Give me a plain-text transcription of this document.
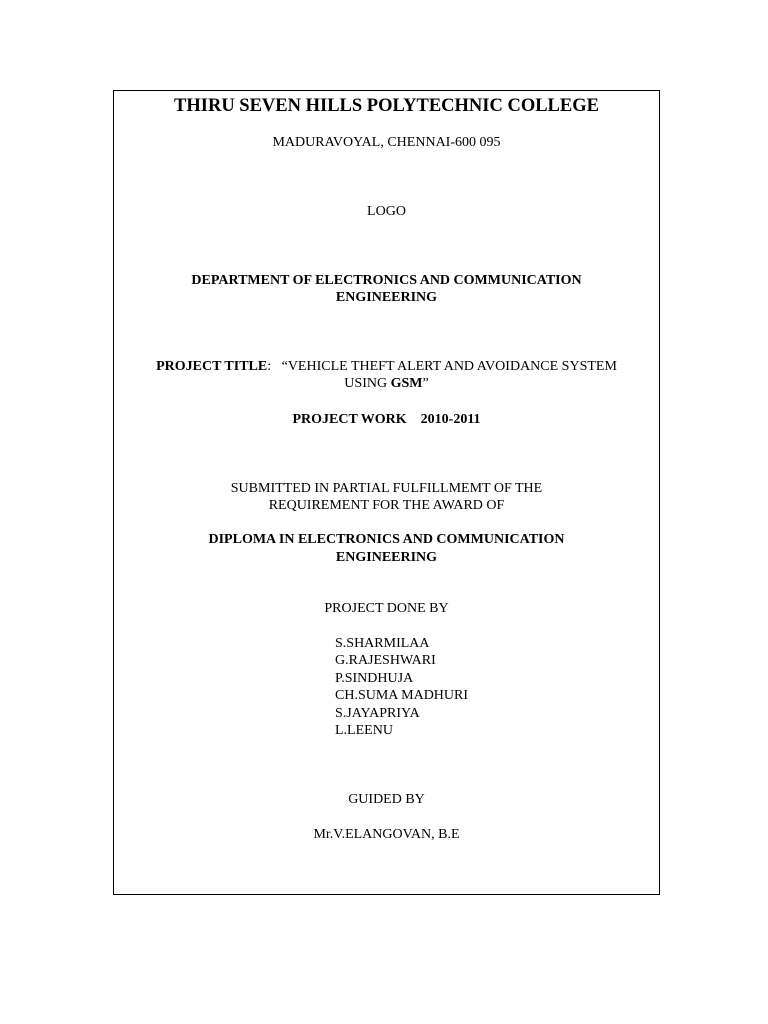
THIRU SEVEN HILLS POLYTECHNIC COLLEGE
MADURAVOYAL, CHENNAI-600 095
LOGO
DEPARTMENT OF ELECTRONICS AND COMMUNICATION
ENGINEERING
PROJECT TITLE: “VEHICLE THEFT ALERT AND AVOIDANCE SYSTEM
USING GSM”
PROJECT WORK 2010-2011
SUBMITTED IN PARTIAL FULFILLMEMT OF THE
REQUIREMENT FOR THE AWARD OF
DIPLOMA IN ELECTRONICS AND COMMUNICATION
ENGINEERING
PROJECT DONE BY
S.SHARMILAA
G.RAJESHWARI
P.SINDHUJA
CH.SUMA MADHURI
S.JAYAPRIYA
L.LEENU
GUIDED BY
Mr.V.ELANGOVAN, B.E
